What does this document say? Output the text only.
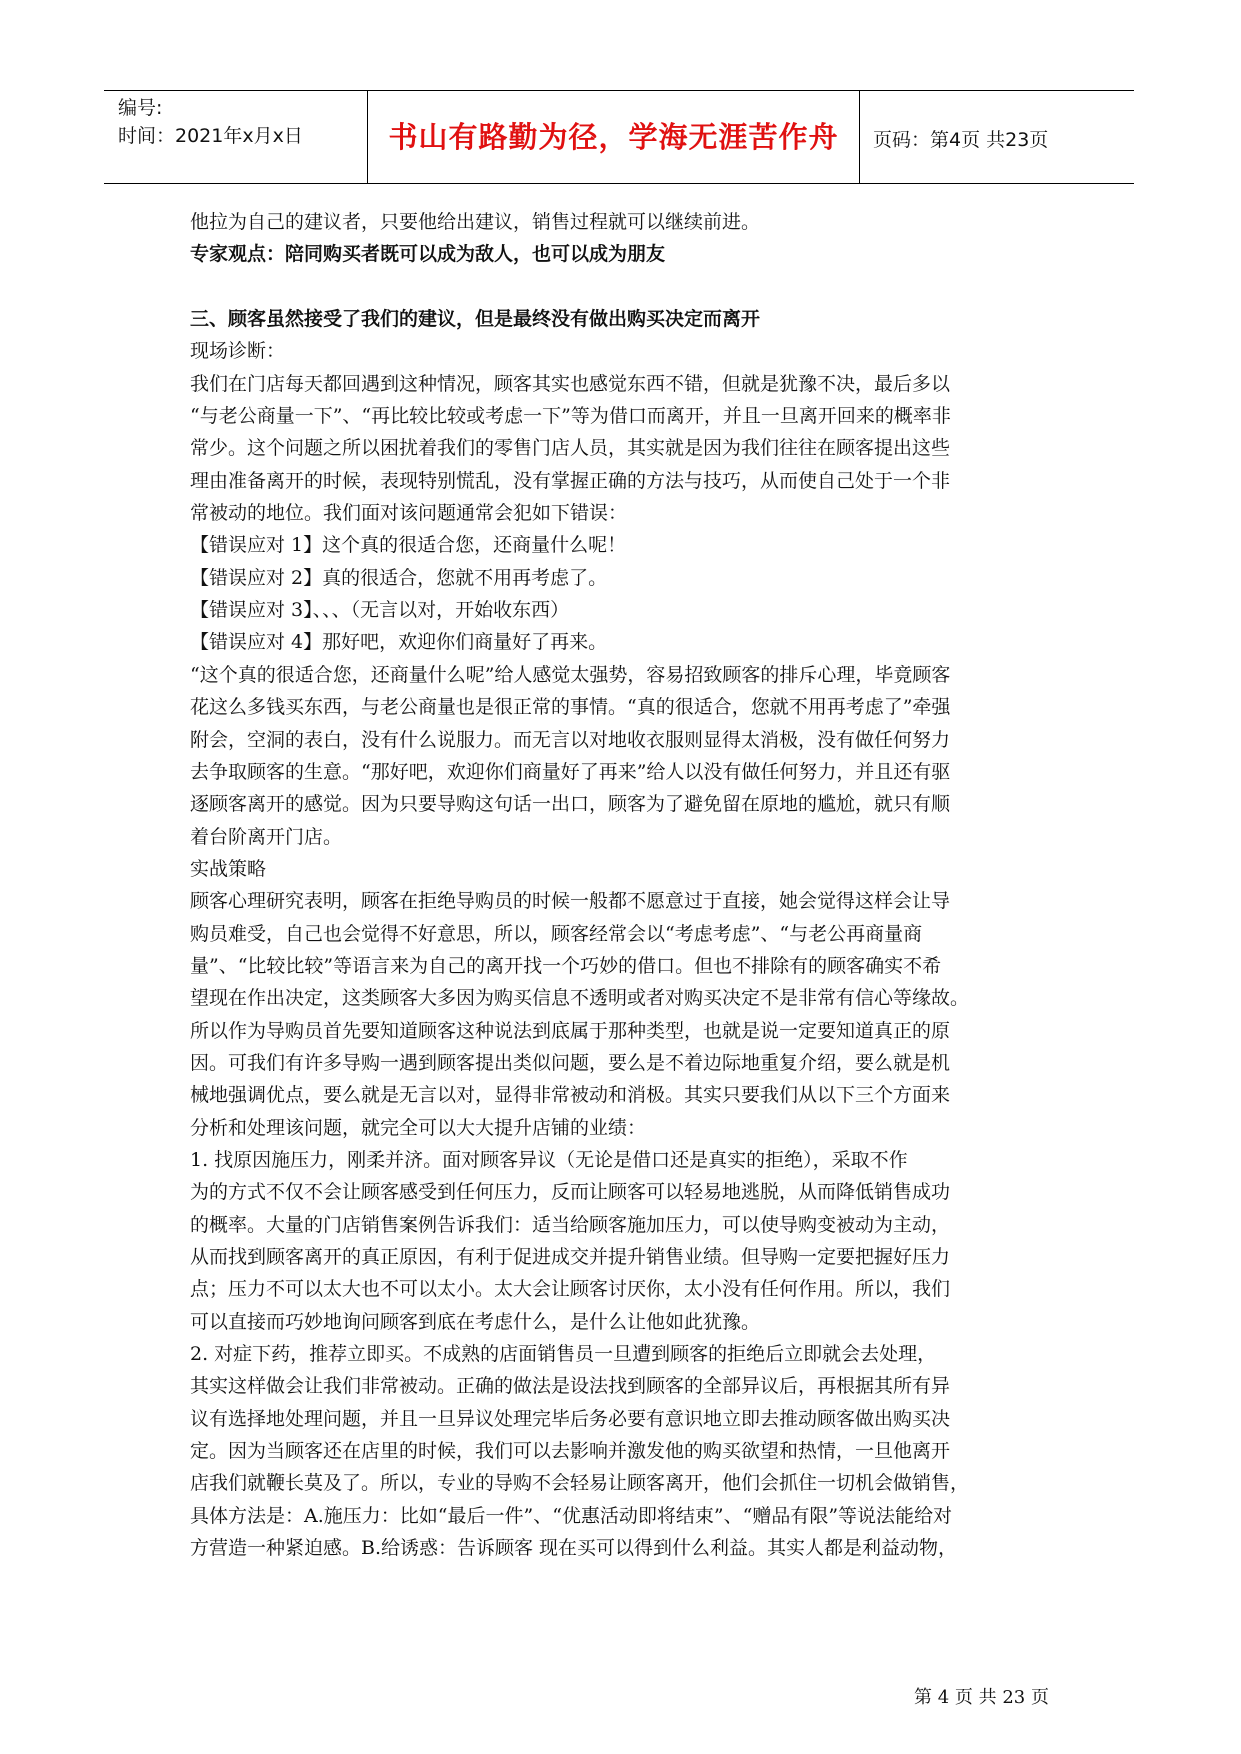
编号:
时间：2021年x月x日	书山有路勤为径，学海无涯苦作舟	页码：第4页 共23页
他拉为自己的建议者，只要他给出建议，销售过程就可以继续前进。
专家观点：陪同购买者既可以成为敌人，也可以成为朋友
三、顾客虽然接受了我们的建议，但是最终没有做出购买决定而离开
现场诊断：
我们在门店每天都回遇到这种情况，顾客其实也感觉东西不错，但就是犹豫不决，最后多以
“与老公商量一下”、“再比较比较或考虑一下”等为借口而离开，并且一旦离开回来的概率非
常少。这个问题之所以困扰着我们的零售门店人员，其实就是因为我们往往在顾客提出这些
理由准备离开的时候，表现特别慌乱，没有掌握正确的方法与技巧，从而使自己处于一个非
常被动的地位。我们面对该问题通常会犯如下错误：
【错误应对 1】这个真的很适合您，还商量什么呢！
【错误应对 2】真的很适合，您就不用再考虑了。
【错误应对 3】、、、（无言以对，开始收东西）
【错误应对 4】那好吧，欢迎你们商量好了再来。
“这个真的很适合您，还商量什么呢”给人感觉太强势，容易招致顾客的排斥心理，毕竟顾客
花这么多钱买东西，与老公商量也是很正常的事情。“真的很适合，您就不用再考虑了”牵强
附会，空洞的表白，没有什么说服力。而无言以对地收衣服则显得太消极，没有做任何努力
去争取顾客的生意。“那好吧，欢迎你们商量好了再来”给人以没有做任何努力，并且还有驱
逐顾客离开的感觉。因为只要导购这句话一出口，顾客为了避免留在原地的尴尬，就只有顺
着台阶离开门店。
实战策略
顾客心理研究表明，顾客在拒绝导购员的时候一般都不愿意过于直接，她会觉得这样会让导
购员难受，自己也会觉得不好意思，所以，顾客经常会以“考虑考虑”、“与老公再商量商
量”、“比较比较”等语言来为自己的离开找一个巧妙的借口。但也不排除有的顾客确实不希
望现在作出决定，这类顾客大多因为购买信息不透明或者对购买决定不是非常有信心等缘故。
所以作为导购员首先要知道顾客这种说法到底属于那种类型，也就是说一定要知道真正的原
因。可我们有许多导购一遇到顾客提出类似问题，要么是不着边际地重复介绍，要么就是机
械地强调优点，要么就是无言以对，显得非常被动和消极。其实只要我们从以下三个方面来
分析和处理该问题，就完全可以大大提升店铺的业绩：
1. 找原因施压力，刚柔并济。面对顾客异议（无论是借口还是真实的拒绝），采取不作
为的方式不仅不会让顾客感受到任何压力，反而让顾客可以轻易地逃脱，从而降低销售成功
的概率。大量的门店销售案例告诉我们：适当给顾客施加压力，可以使导购变被动为主动，
从而找到顾客离开的真正原因，有利于促进成交并提升销售业绩。但导购一定要把握好压力
点；压力不可以太大也不可以太小。太大会让顾客讨厌你，太小没有任何作用。所以，我们
可以直接而巧妙地询问顾客到底在考虑什么，是什么让他如此犹豫。
2. 对症下药，推荐立即买。不成熟的店面销售员一旦遭到顾客的拒绝后立即就会去处理，
其实这样做会让我们非常被动。正确的做法是设法找到顾客的全部异议后，再根据其所有异
议有选择地处理问题，并且一旦异议处理完毕后务必要有意识地立即去推动顾客做出购买决
定。因为当顾客还在店里的时候，我们可以去影响并激发他的购买欲望和热情，一旦他离开
店我们就鞭长莫及了。所以，专业的导购不会轻易让顾客离开，他们会抓住一切机会做销售，
具体方法是：A.施压力：比如“最后一件”、“优惠活动即将结束”、“赠品有限”等说法能给对
方营造一种紧迫感。B.给诱惑：告诉顾客 现在买可以得到什么利益。其实人都是利益动物，
第 4 页 共 23 页
